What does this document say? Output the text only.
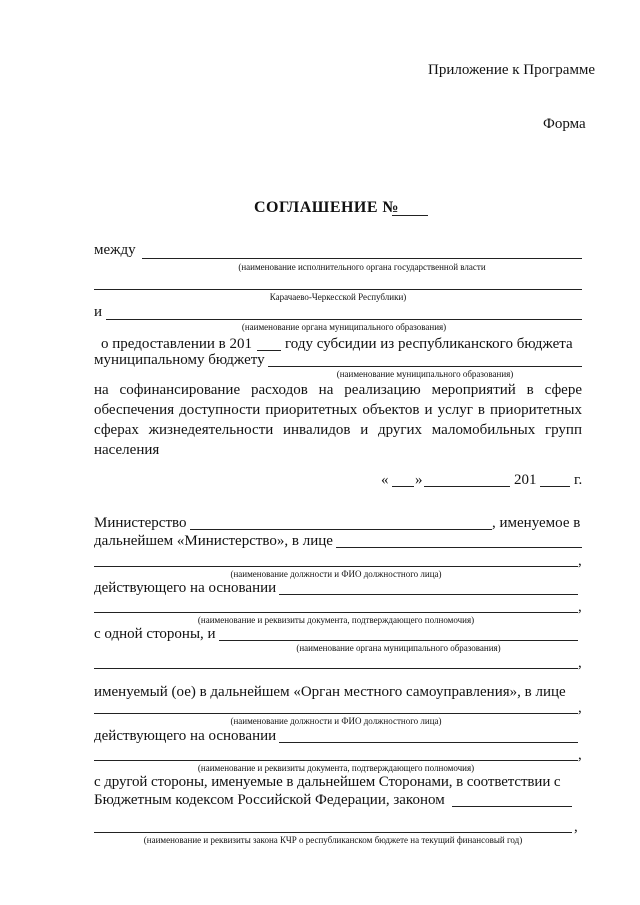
Приложение к Программе
Форма
СОГЛАШЕНИЕ №
между
(наименование исполнительного органа государственной власти
Карачаево-Черкесской Республики)
и
(наименование органа муниципального образования)
о предоставлении в 201 году субсидии из республиканского бюджета
муниципальному бюджету
(наименование муниципального образования)
на софинансирование расходов на реализацию мероприятий в сфере обеспечения доступности приоритетных объектов и услуг в приоритетных сферах жизнедеятельности инвалидов и других маломобильных групп населения
« »	201	г.
Министерство	, именуемое в
дальнейшем «Министерство», в лице
,
(наименование должности и ФИО должностного лица)
действующего на основании
,
(наименование и реквизиты документа, подтверждающего полномочия)
с одной стороны, и
(наименование органа муниципального образования)
,
именуемый (ое) в дальнейшем «Орган местного самоуправления», в лице
,
(наименование должности и ФИО должностного лица)
действующего на основании
,
(наименование и реквизиты документа, подтверждающего полномочия)
с другой стороны, именуемые в дальнейшем Сторонами, в соответствии с
Бюджетным кодексом Российской Федерации, законом
,
(наименование и реквизиты закона КЧР о республиканском бюджете на текущий финансовый год)
